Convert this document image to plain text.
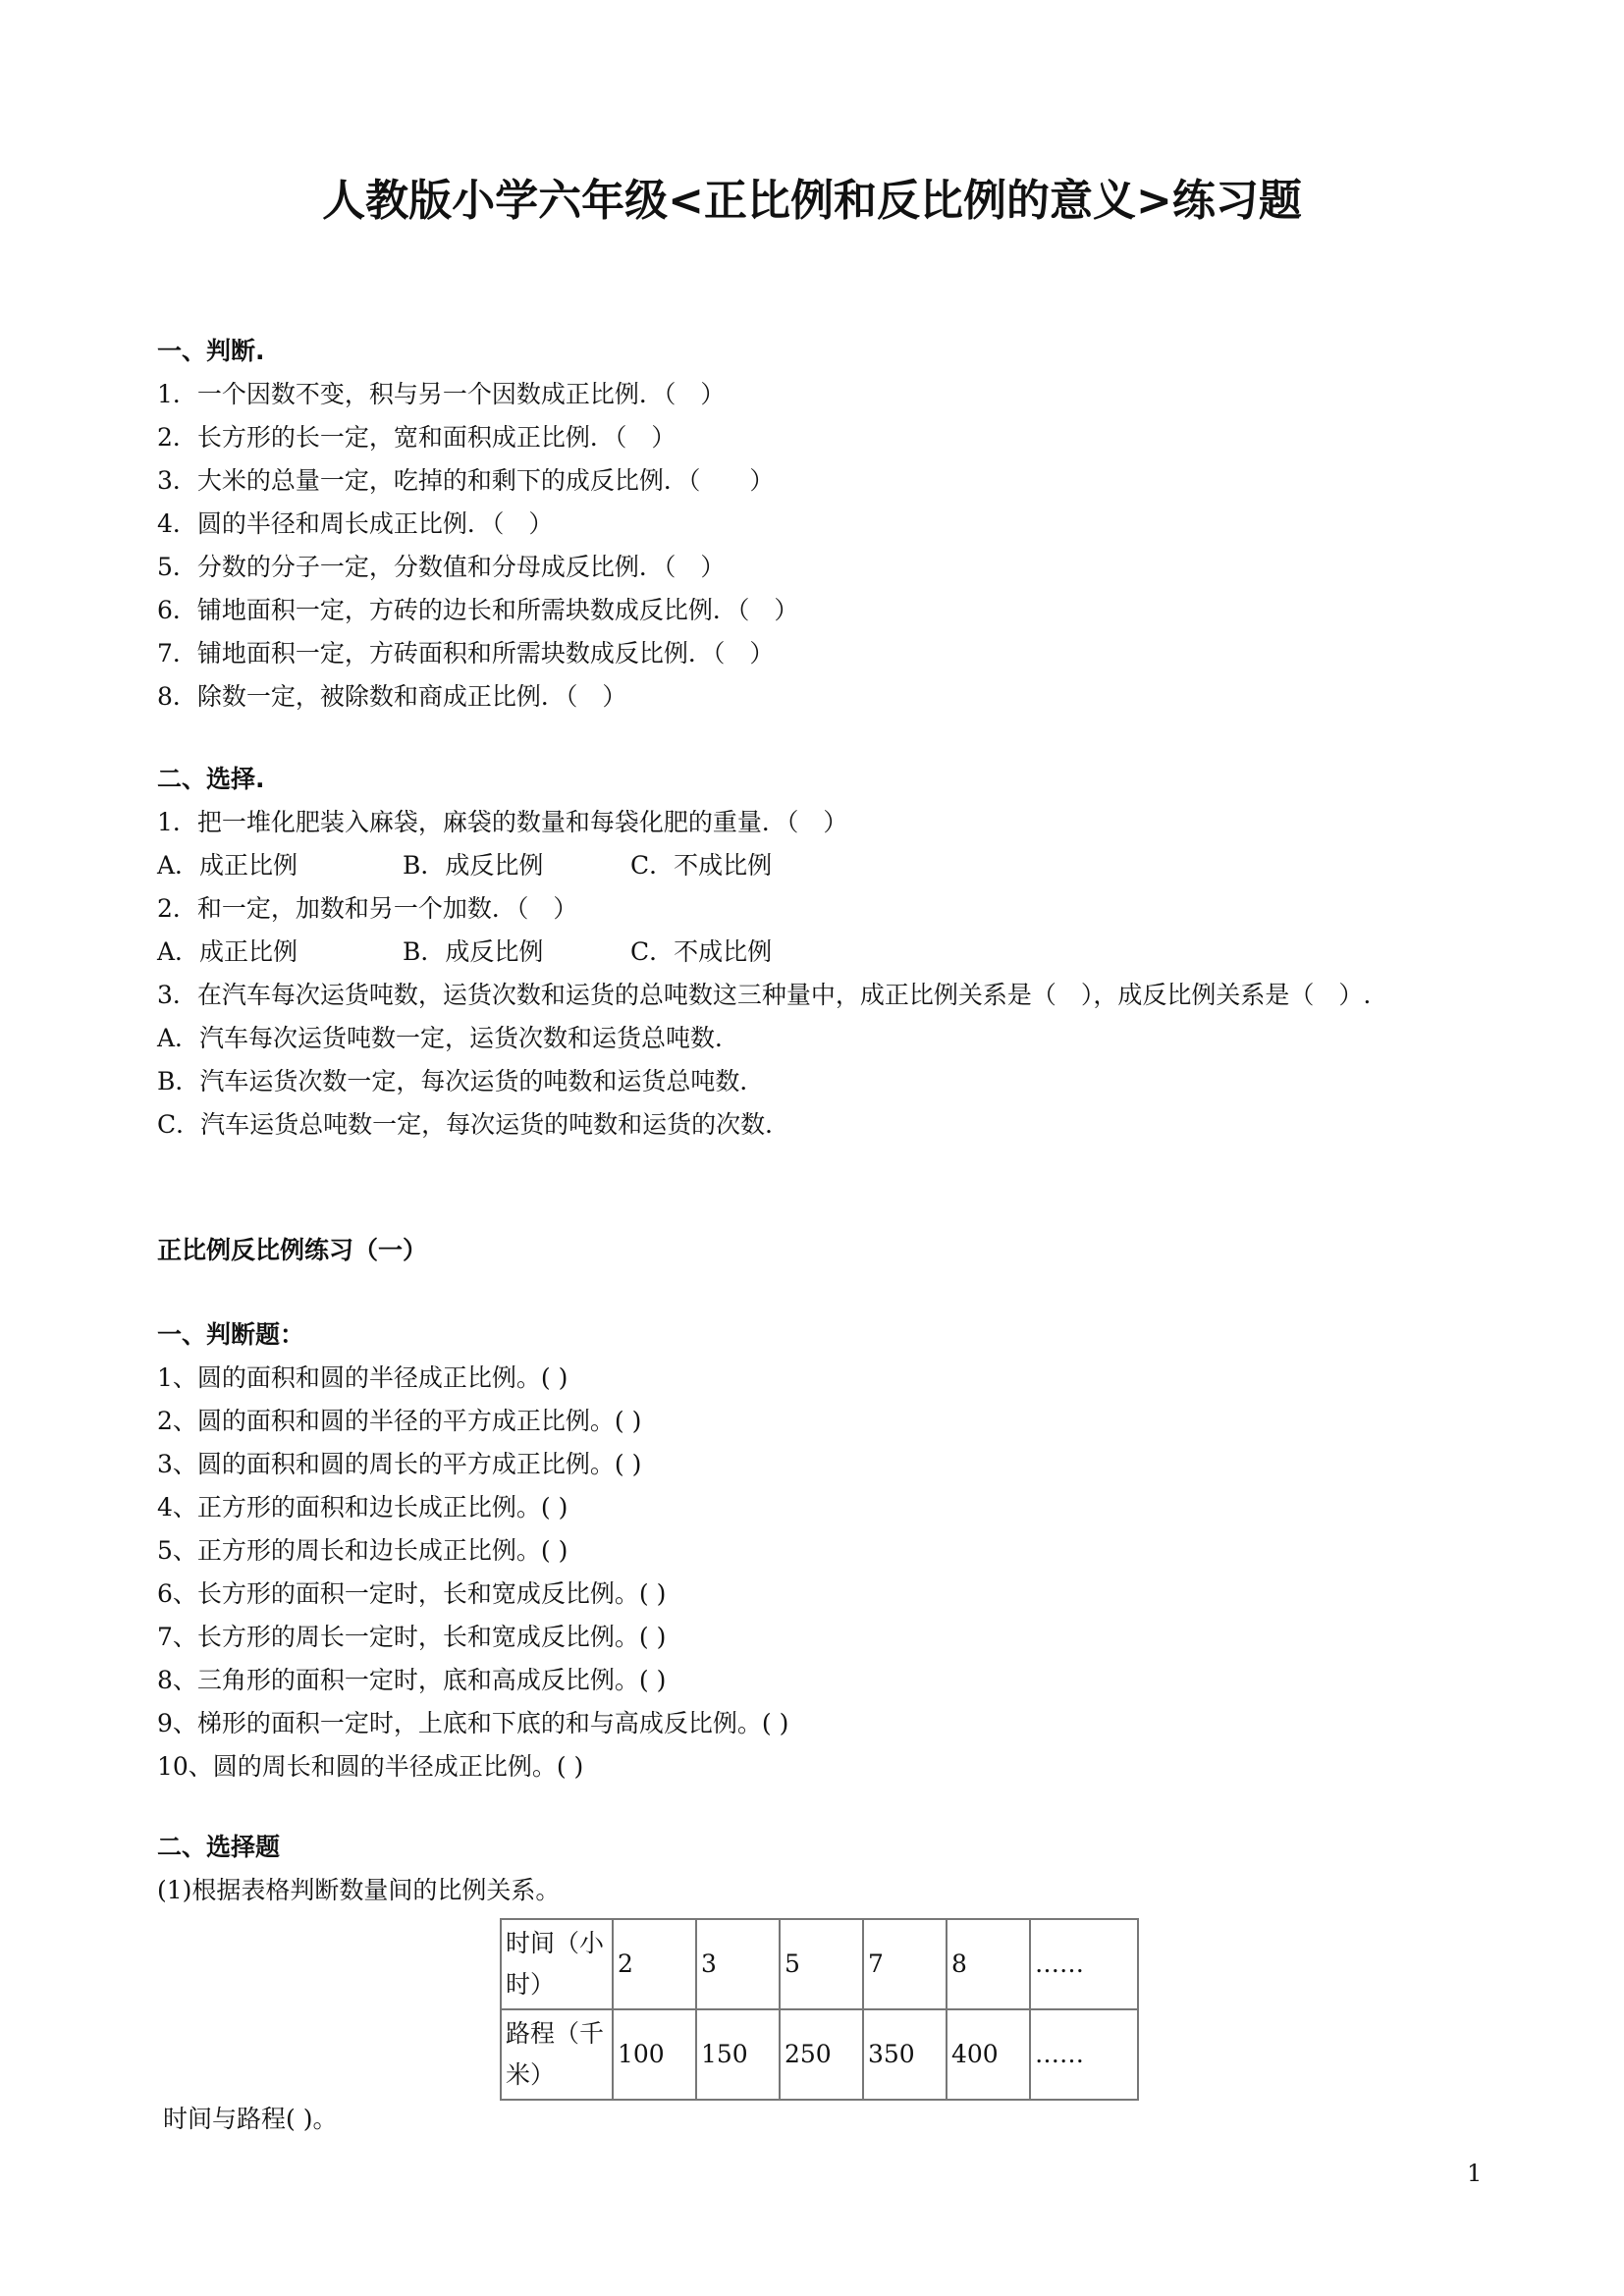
人教版小学六年级<正比例和反比例的意义>练习题
一、判断.
1．一个因数不变，积与另一个因数成正比例．（　）
2．长方形的长一定，宽和面积成正比例．（　）
3．大米的总量一定，吃掉的和剩下的成反比例．（　　）
4．圆的半径和周长成正比例．（　）
5．分数的分子一定，分数值和分母成反比例．（　）
6．铺地面积一定，方砖的边长和所需块数成反比例．（　）
7．铺地面积一定，方砖面积和所需块数成反比例．（　）
8．除数一定，被除数和商成正比例．（　）
二、选择.
1．把一堆化肥装入麻袋，麻袋的数量和每袋化肥的重量．（　）
A．成正比例	B．成反比例	C．不成比例
2．和一定，加数和另一个加数．（　）
A．成正比例	B．成反比例	C．不成比例
3．在汽车每次运货吨数，运货次数和运货的总吨数这三种量中，成正比例关系是（　），成反比例关系是（　）.
A．汽车每次运货吨数一定，运货次数和运货总吨数．
B．汽车运货次数一定，每次运货的吨数和运货总吨数．
C．汽车运货总吨数一定，每次运货的吨数和运货的次数．
正比例反比例练习（一）
一、判断题：
1、圆的面积和圆的半径成正比例。( )
2、圆的面积和圆的半径的平方成正比例。( )
3、圆的面积和圆的周长的平方成正比例。( )
4、正方形的面积和边长成正比例。( )
5、正方形的周长和边长成正比例。( )
6、长方形的面积一定时，长和宽成反比例。( )
7、长方形的周长一定时，长和宽成反比例。( )
8、三角形的面积一定时，底和高成反比例。( )
9、梯形的面积一定时，上底和下底的和与高成反比例。( )
10、圆的周长和圆的半径成正比例。( )
二、选择题
(1)根据表格判断数量间的比例关系。
时间（小时）	2	3	5	7	8	……
路程（千米）	100	150	250	350	400	……
时间与路程( )。
1
